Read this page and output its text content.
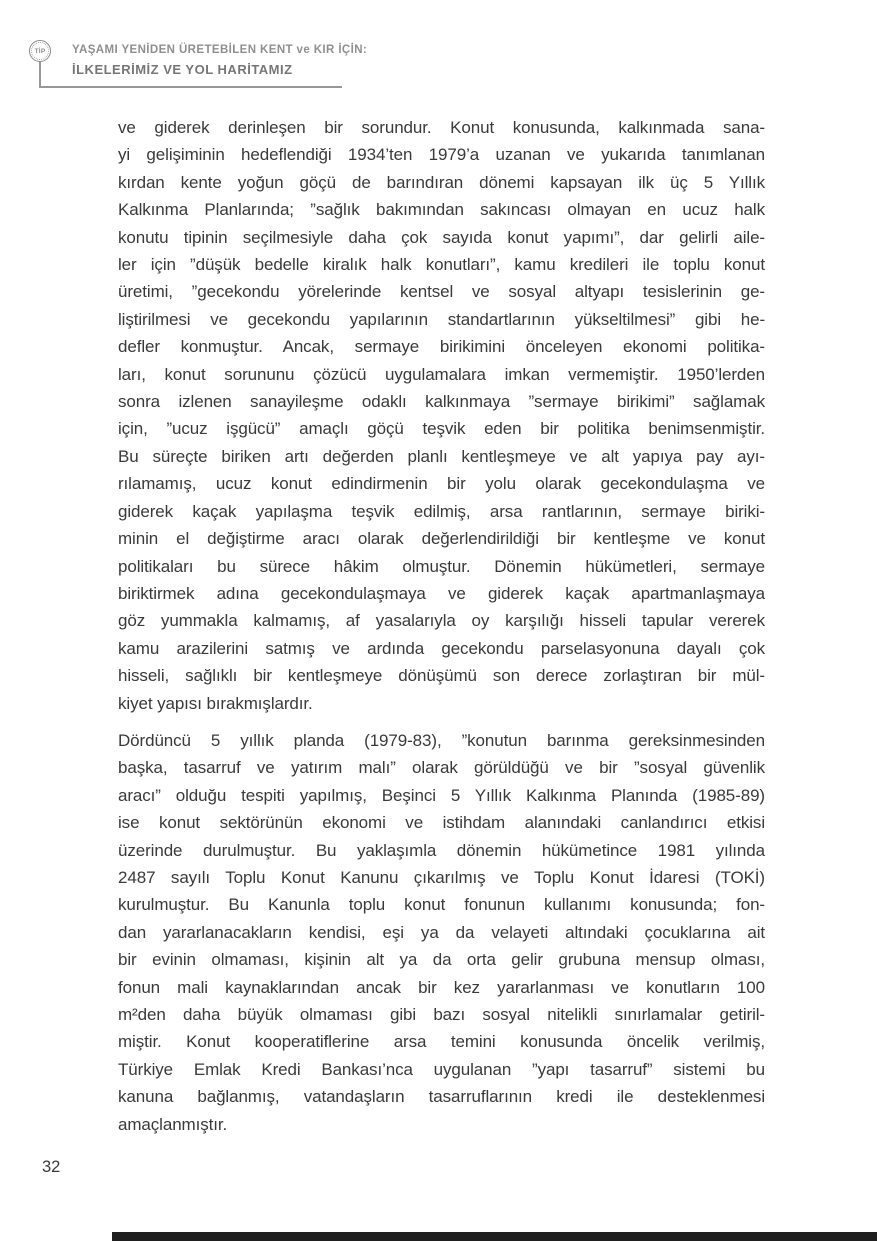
TİP YAŞAMI YENİDEN ÜRETEBİLEN KENT ve KIR İÇİN:
İLKELERİMİZ VE YOL HARİTAMIZ

ve giderek derinleşen bir sorundur. Konut konusunda, kalkınmada sana-
yi gelişiminin hedeflendiği 1934’ten 1979’a uzanan ve yukarıda tanımlanan
kırdan kente yoğun göçü de barındıran dönemi kapsayan ilk üç 5 Yıllık
Kalkınma Planlarında; ”sağlık bakımından sakıncası olmayan en ucuz halk
konutu tipinin seçilmesiyle daha çok sayıda konut yapımı”, dar gelirli aile-
ler için ”düşük bedelle kiralık halk konutları”, kamu kredileri ile toplu konut
üretimi, ”gecekondu yörelerinde kentsel ve sosyal altyapı tesislerinin ge-
liştirilmesi ve gecekondu yapılarının standartlarının yükseltilmesi” gibi he-
defler konmuştur. Ancak, sermaye birikimini önceleyen ekonomi politika-
ları, konut sorununu çözücü uygulamalara imkan vermemiştir. 1950’lerden
sonra izlenen sanayileşme odaklı kalkınmaya ”sermaye birikimi” sağlamak
için, ”ucuz işgücü” amaçlı göçü teşvik eden bir politika benimsenmiştir.
Bu süreçte biriken artı değerden planlı kentleşmeye ve alt yapıya pay ayı-
rılamamış, ucuz konut edindirmenin bir yolu olarak gecekondulaşma ve
giderek kaçak yapılaşma teşvik edilmiş, arsa rantlarının, sermaye biriki-
minin el değiştirme aracı olarak değerlendirildiği bir kentleşme ve konut
politikaları bu sürece hâkim olmuştur. Dönemin hükümetleri, sermaye
biriktirmek adına gecekondulaşmaya ve giderek kaçak apartmanlaşmaya
göz yummakla kalmamış, af yasalarıyla oy karşılığı hisseli tapular vererek
kamu arazilerini satmış ve ardında gecekondu parselasyonuna dayalı çok
hisseli, sağlıklı bir kentleşmeye dönüşümü son derece zorlaştıran bir mül-
kiyet yapısı bırakmışlardır.

Dördüncü 5 yıllık planda (1979-83), ”konutun barınma gereksinmesinden
başka, tasarruf ve yatırım malı” olarak görüldüğü ve bir ”sosyal güvenlik
aracı” olduğu tespiti yapılmış, Beşinci 5 Yıllık Kalkınma Planında (1985-89)
ise konut sektörünün ekonomi ve istihdam alanındaki canlandırıcı etkisi
üzerinde durulmuştur. Bu yaklaşımla dönemin hükümetince 1981 yılında
2487 sayılı Toplu Konut Kanunu çıkarılmış ve Toplu Konut İdaresi (TOKİ)
kurulmuştur. Bu Kanunla toplu konut fonunun kullanımı konusunda; fon-
dan yararlanacakların kendisi, eşi ya da velayeti altındaki çocuklarına ait
bir evinin olmaması, kişinin alt ya da orta gelir grubuna mensup olması,
fonun mali kaynaklarından ancak bir kez yararlanması ve konutların 100
m²den daha büyük olmaması gibi bazı sosyal nitelikli sınırlamalar getiril-
miştir. Konut kooperatiflerine arsa temini konusunda öncelik verilmiş,
Türkiye Emlak Kredi Bankası’nca uygulanan ”yapı tasarruf” sistemi bu
kanuna bağlanmış, vatandaşların tasarruflarının kredi ile desteklenmesi
amaçlanmıştır.

32
